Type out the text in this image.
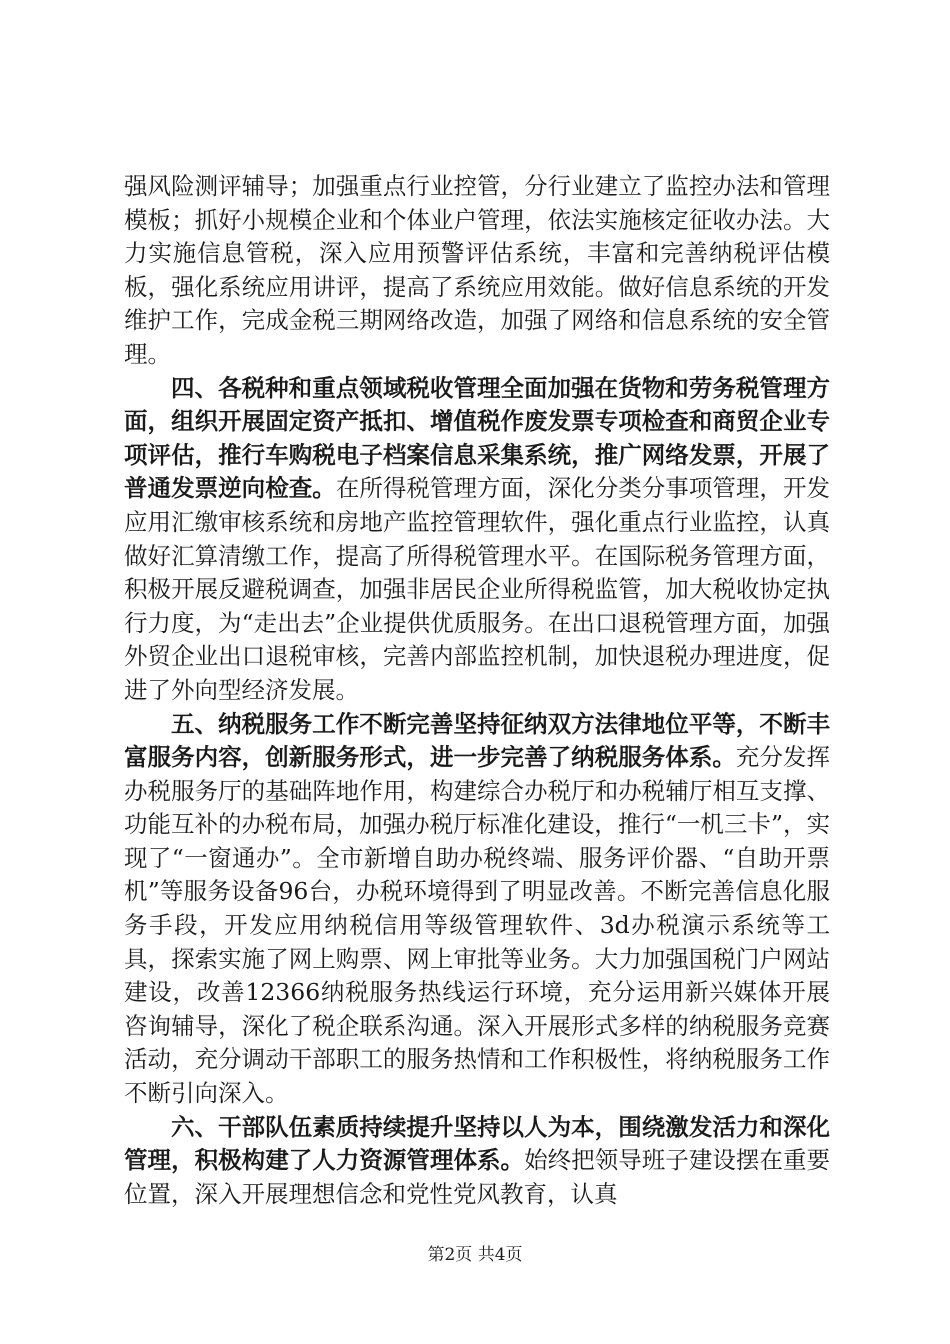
强风险测评辅导；加强重点行业控管，分行业建立了监控办法和管理模板；抓好小规模企业和个体业户管理，依法实施核定征收办法。大力实施信息管税，深入应用预警评估系统，丰富和完善纳税评估模板，强化系统应用讲评，提高了系统应用效能。做好信息系统的开发维护工作，完成金税三期网络改造，加强了网络和信息系统的安全管理。

四、各税种和重点领域税收管理全面加强在货物和劳务税管理方面，组织开展固定资产抵扣、增值税作废发票专项检查和商贸企业专项评估，推行车购税电子档案信息采集系统，推广网络发票，开展了普通发票逆向检查。在所得税管理方面，深化分类分事项管理，开发应用汇缴审核系统和房地产监控管理软件，强化重点行业监控，认真做好汇算清缴工作，提高了所得税管理水平。在国际税务管理方面，积极开展反避税调查，加强非居民企业所得税监管，加大税收协定执行力度，为“走出去”企业提供优质服务。在出口退税管理方面，加强外贸企业出口退税审核，完善内部监控机制，加快退税办理进度，促进了外向型经济发展。

五、纳税服务工作不断完善坚持征纳双方法律地位平等，不断丰富服务内容，创新服务形式，进一步完善了纳税服务体系。充分发挥办税服务厅的基础阵地作用，构建综合办税厅和办税辅厅相互支撑、功能互补的办税布局，加强办税厅标准化建设，推行“一机三卡”，实现了“一窗通办”。全市新增自助办税终端、服务评价器、“自助开票机”等服务设备96台，办税环境得到了明显改善。不断完善信息化服务手段，开发应用纳税信用等级管理软件、3d办税演示系统等工具，探索实施了网上购票、网上审批等业务。大力加强国税门户网站建设，改善12366纳税服务热线运行环境，充分运用新兴媒体开展咨询辅导，深化了税企联系沟通。深入开展形式多样的纳税服务竞赛活动，充分调动干部职工的服务热情和工作积极性，将纳税服务工作不断引向深入。

六、干部队伍素质持续提升坚持以人为本，围绕激发活力和深化管理，积极构建了人力资源管理体系。始终把领导班子建设摆在重要位置，深入开展理想信念和党性党风教育，认真

第2页 共4页
